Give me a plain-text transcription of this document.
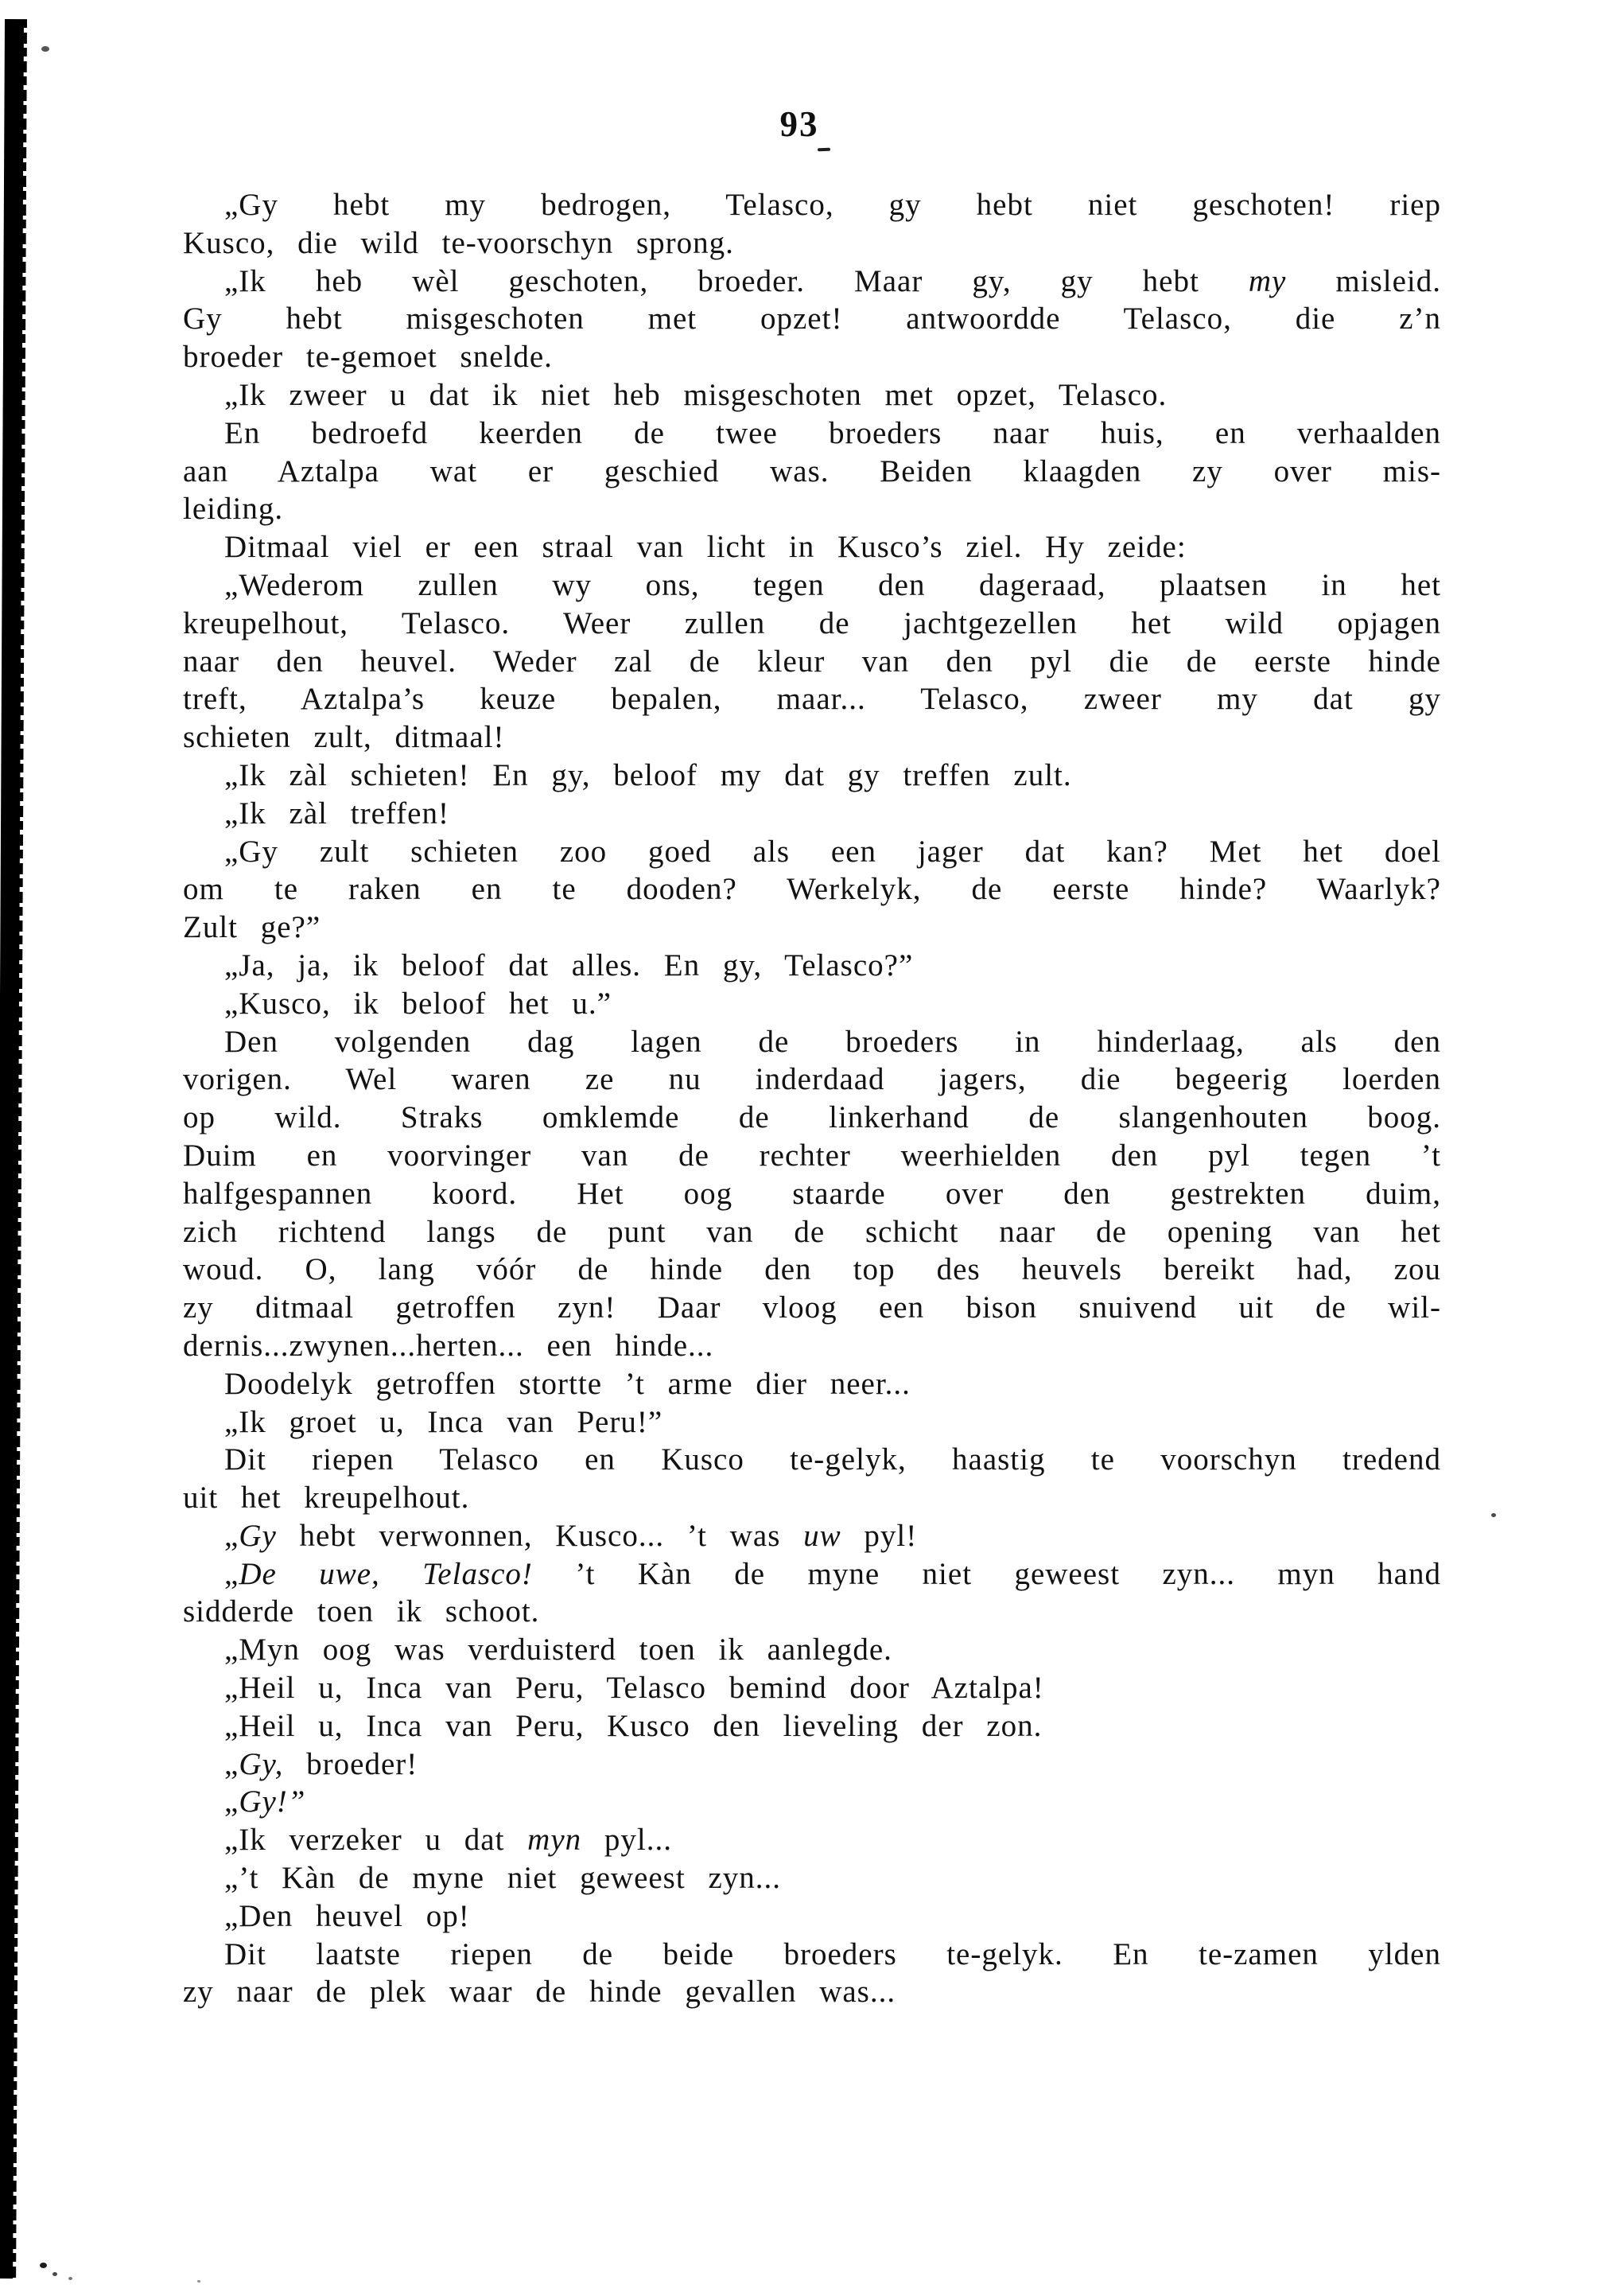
93
„Gy hebt my bedrogen, Telasco, gy hebt niet geschoten! riep
Kusco, die wild te-voorschyn sprong.
„Ik heb wèl geschoten, broeder. Maar gy, gy hebt my misleid.
Gy hebt misgeschoten met opzet! antwoordde Telasco, die z’n
broeder te-gemoet snelde.
„Ik zweer u dat ik niet heb misgeschoten met opzet, Telasco.
En bedroefd keerden de twee broeders naar huis, en verhaalden
aan Aztalpa wat er geschied was. Beiden klaagden zy over mis-
leiding.
Ditmaal viel er een straal van licht in Kusco’s ziel. Hy zeide:
„Wederom zullen wy ons, tegen den dageraad, plaatsen in het
kreupelhout, Telasco. Weer zullen de jachtgezellen het wild opjagen
naar den heuvel. Weder zal de kleur van den pyl die de eerste hinde
treft, Aztalpa’s keuze bepalen, maar... Telasco, zweer my dat gy
schieten zult, ditmaal!
„Ik zàl schieten! En gy, beloof my dat gy treffen zult.
„Ik zàl treffen!
„Gy zult schieten zoo goed als een jager dat kan? Met het doel
om te raken en te dooden? Werkelyk, de eerste hinde? Waarlyk?
Zult ge?”
„Ja, ja, ik beloof dat alles. En gy, Telasco?”
„Kusco, ik beloof het u.”
Den volgenden dag lagen de broeders in hinderlaag, als den
vorigen. Wel waren ze nu inderdaad jagers, die begeerig loerden
op wild. Straks omklemde de linkerhand de slangenhouten boog.
Duim en voorvinger van de rechter weerhielden den pyl tegen ’t
halfgespannen koord. Het oog staarde over den gestrekten duim,
zich richtend langs de punt van de schicht naar de opening van het
woud. O, lang vóór de hinde den top des heuvels bereikt had, zou
zy ditmaal getroffen zyn! Daar vloog een bison snuivend uit de wil-
dernis...zwynen...herten... een hinde...
Doodelyk getroffen stortte ’t arme dier neer...
„Ik groet u, Inca van Peru!”
Dit riepen Telasco en Kusco te-gelyk, haastig te voorschyn tredend
uit het kreupelhout.
„Gy hebt verwonnen, Kusco... ’t was uw pyl!
„De uwe, Telasco! ’t Kàn de myne niet geweest zyn... myn hand
sidderde toen ik schoot.
„Myn oog was verduisterd toen ik aanlegde.
„Heil u, Inca van Peru, Telasco bemind door Aztalpa!
„Heil u, Inca van Peru, Kusco den lieveling der zon.
„Gy, broeder!
„Gy!”
„Ik verzeker u dat myn pyl...
„’t Kàn de myne niet geweest zyn...
„Den heuvel op!
Dit laatste riepen de beide broeders te-gelyk. En te-zamen ylden
zy naar de plek waar de hinde gevallen was...
